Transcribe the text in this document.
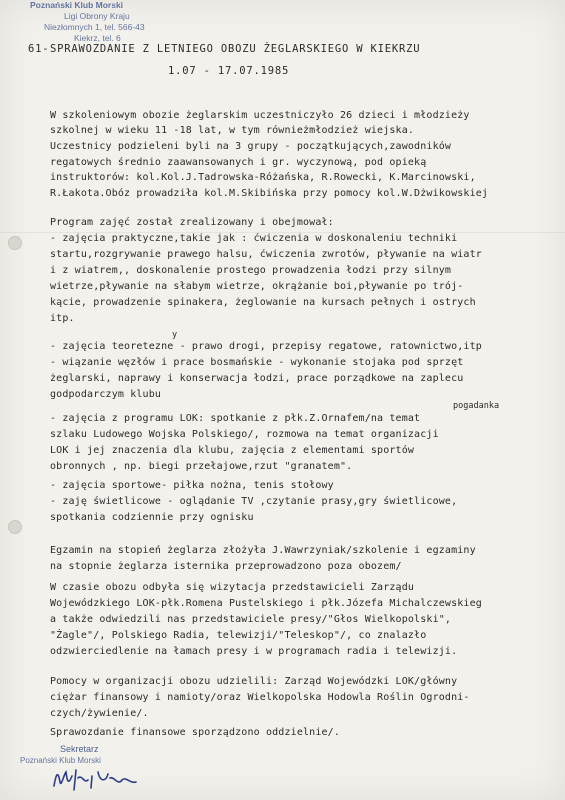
Poznański Klub Morski
Ligi Obrony Kraju
Niezłomnych 1, tel. 566-43
Kiekrz, tel. 6
61- SPRAWOZDANIE Z LETNIEGO OBOZU ŻEGLARSKIEGO W KIEKRZU
1.07 - 17.07.1985
W szkoleniowym obozie żeglarskim uczestniczyło 26 dzieci i młodzieży
szkolnej w wieku 11 -18 lat, w tym równieżmłodzież wiejska.
Uczestnicy podzieleni byli na 3 grupy - początkujących,zawodników
regatowych średnio zaawansowanych i gr. wyczynową, pod opieką
instruktorów: kol.Kol.J.Tadrowska-Różańska, R.Rowecki, K.Marcinowski,
R.Łakota.Obóz prowadziła kol.M.Skibińska przy pomocy kol.W.Dżwikowskiej
Program zajęć został zrealizowany i obejmował:
- zajęcia praktyczne,takie jak : ćwiczenia w doskonaleniu techniki
startu,rozgrywanie prawego halsu, ćwiczenia zwrotów, pływanie na wiatr
i z wiatrem,, doskonalenie prostego prowadzenia łodzi przy silnym
wietrze,pływanie na słabym wietrze, okrążanie boi,pływanie po trój-
kącie, prowadzenie spinakera, żeglowanie na kursach pełnych i ostrych
itp.
y
- zajęcia teoretezne - prawo drogi, przepisy regatowe, ratownictwo,itp
- wiązanie węzłów i prace bosmańskie - wykonanie stojaka pod sprzęt
żeglarski, naprawy i konserwacja łodzi, prace porządkowe na zaplecu
godpodarczym klubu
pogadanka
- zajęcia z programu LOK: spotkanie z płk.Z.Ornafem/na temat
szlaku Ludowego Wojska Polskiego/, rozmowa na temat organizacji
LOK i jej znaczenia dla klubu, zajęcia z elementami sportów
obronnych , np. biegi przełajowe,rzut "granatem".
- zajęcia sportowe- piłka nożna, tenis stołowy
- zaję świetlicowe - oglądanie TV ,czytanie prasy,gry świetlicowe,
spotkania codziennie przy ognisku
Egzamin na stopień żeglarza złożyła J.Wawrzyniak/szkolenie i egzaminy
na stopnie żeglarza isternika przeprowadzono poza obozem/
W czasie obozu odbyła się wizytacja przedstawicieli Zarządu
Wojewódzkiego LOK-płk.Romena Pustelskiego i płk.Józefa Michalczewskieg
a także odwiedzili nas przedstawiciele presy/"Głos Wielkopolski",
"Żagle"/, Polskiego Radia, telewizji/"Teleskop"/, co znalazło
odzwierciedlenie na łamach presy i w programach radia i telewizji.
Pomocy w organizacji obozu udzielili: Zarząd Wojewódzki LOK/główny
ciężar finansowy i namioty/oraz Wielkopolska Hodowla Roślin Ogrodni-
czych/żywienie/.
Sprawozdanie finansowe sporządzono oddzielnie/.
Sekretarz
Poznański Klub Morski
